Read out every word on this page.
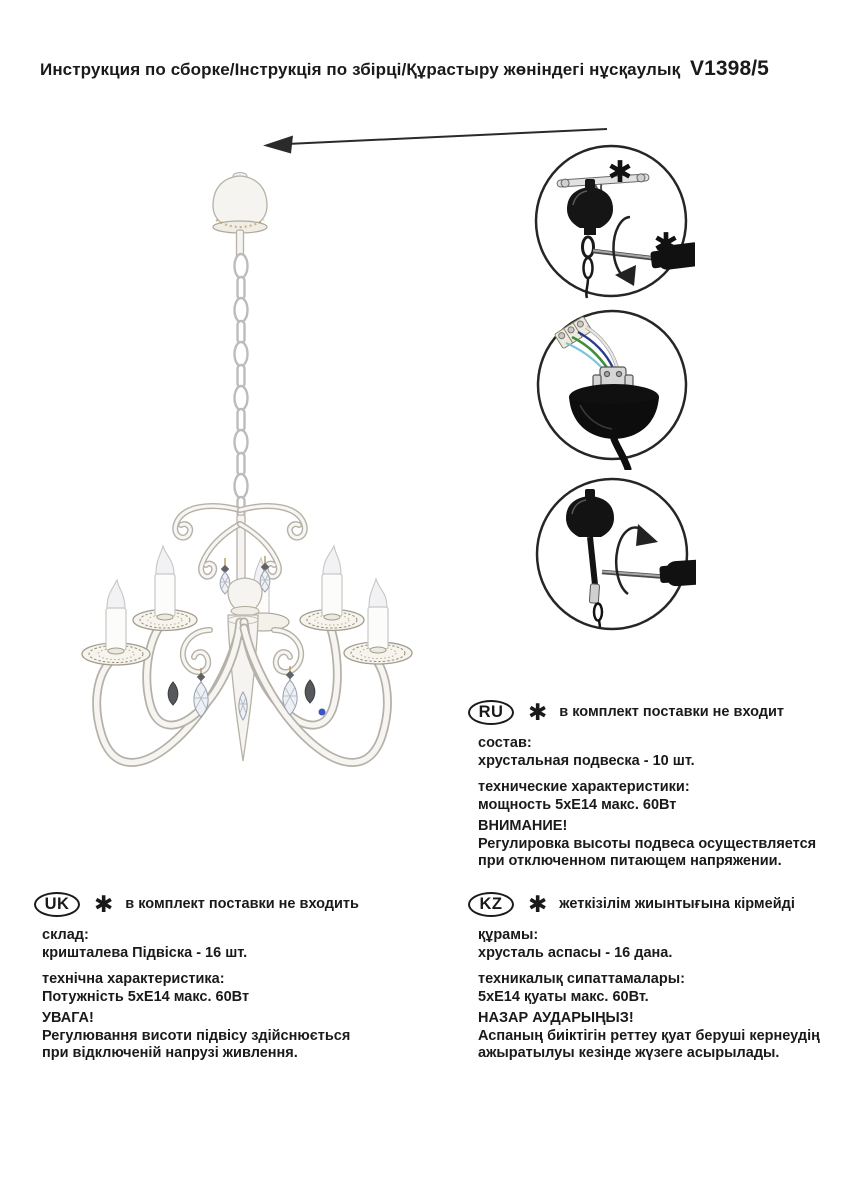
Инструкция по сборке/Інструкція по збірці/Құрастыру жөніндегі нұсқаулық V1398/5
✱
✱
RU	✱ в комплект поставки не входит
состав:
хрустальная подвеска - 10 шт.
технические характеристики:
мощность 5хЕ14 макс. 60Вт
ВНИМАНИЕ!
Регулировка высоты подвеса осуществляется
при отключенном питающем напряжении.
UK	✱ в комплект поставки не входить
склад:
кришталева Підвіска - 16 шт.
технічна характеристика:
Потужність 5хЕ14 макс. 60Вт
УВАГА!
Регулювання висоти підвісу здійснюється
при відключеній напрузі живлення.
KZ	✱ жеткізілім жиынтығына кірмейді
құрамы:
хрусталь аспасы - 16 дана.
техникалық сипаттамалары:
5хЕ14 қуаты макс. 60Вт.
НАЗАР АУДАРЫҢЫЗ!
Аспаның биіктігін реттеу қуат беруші кернеудің
ажыратылуы кезінде жүзеге асырылады.
